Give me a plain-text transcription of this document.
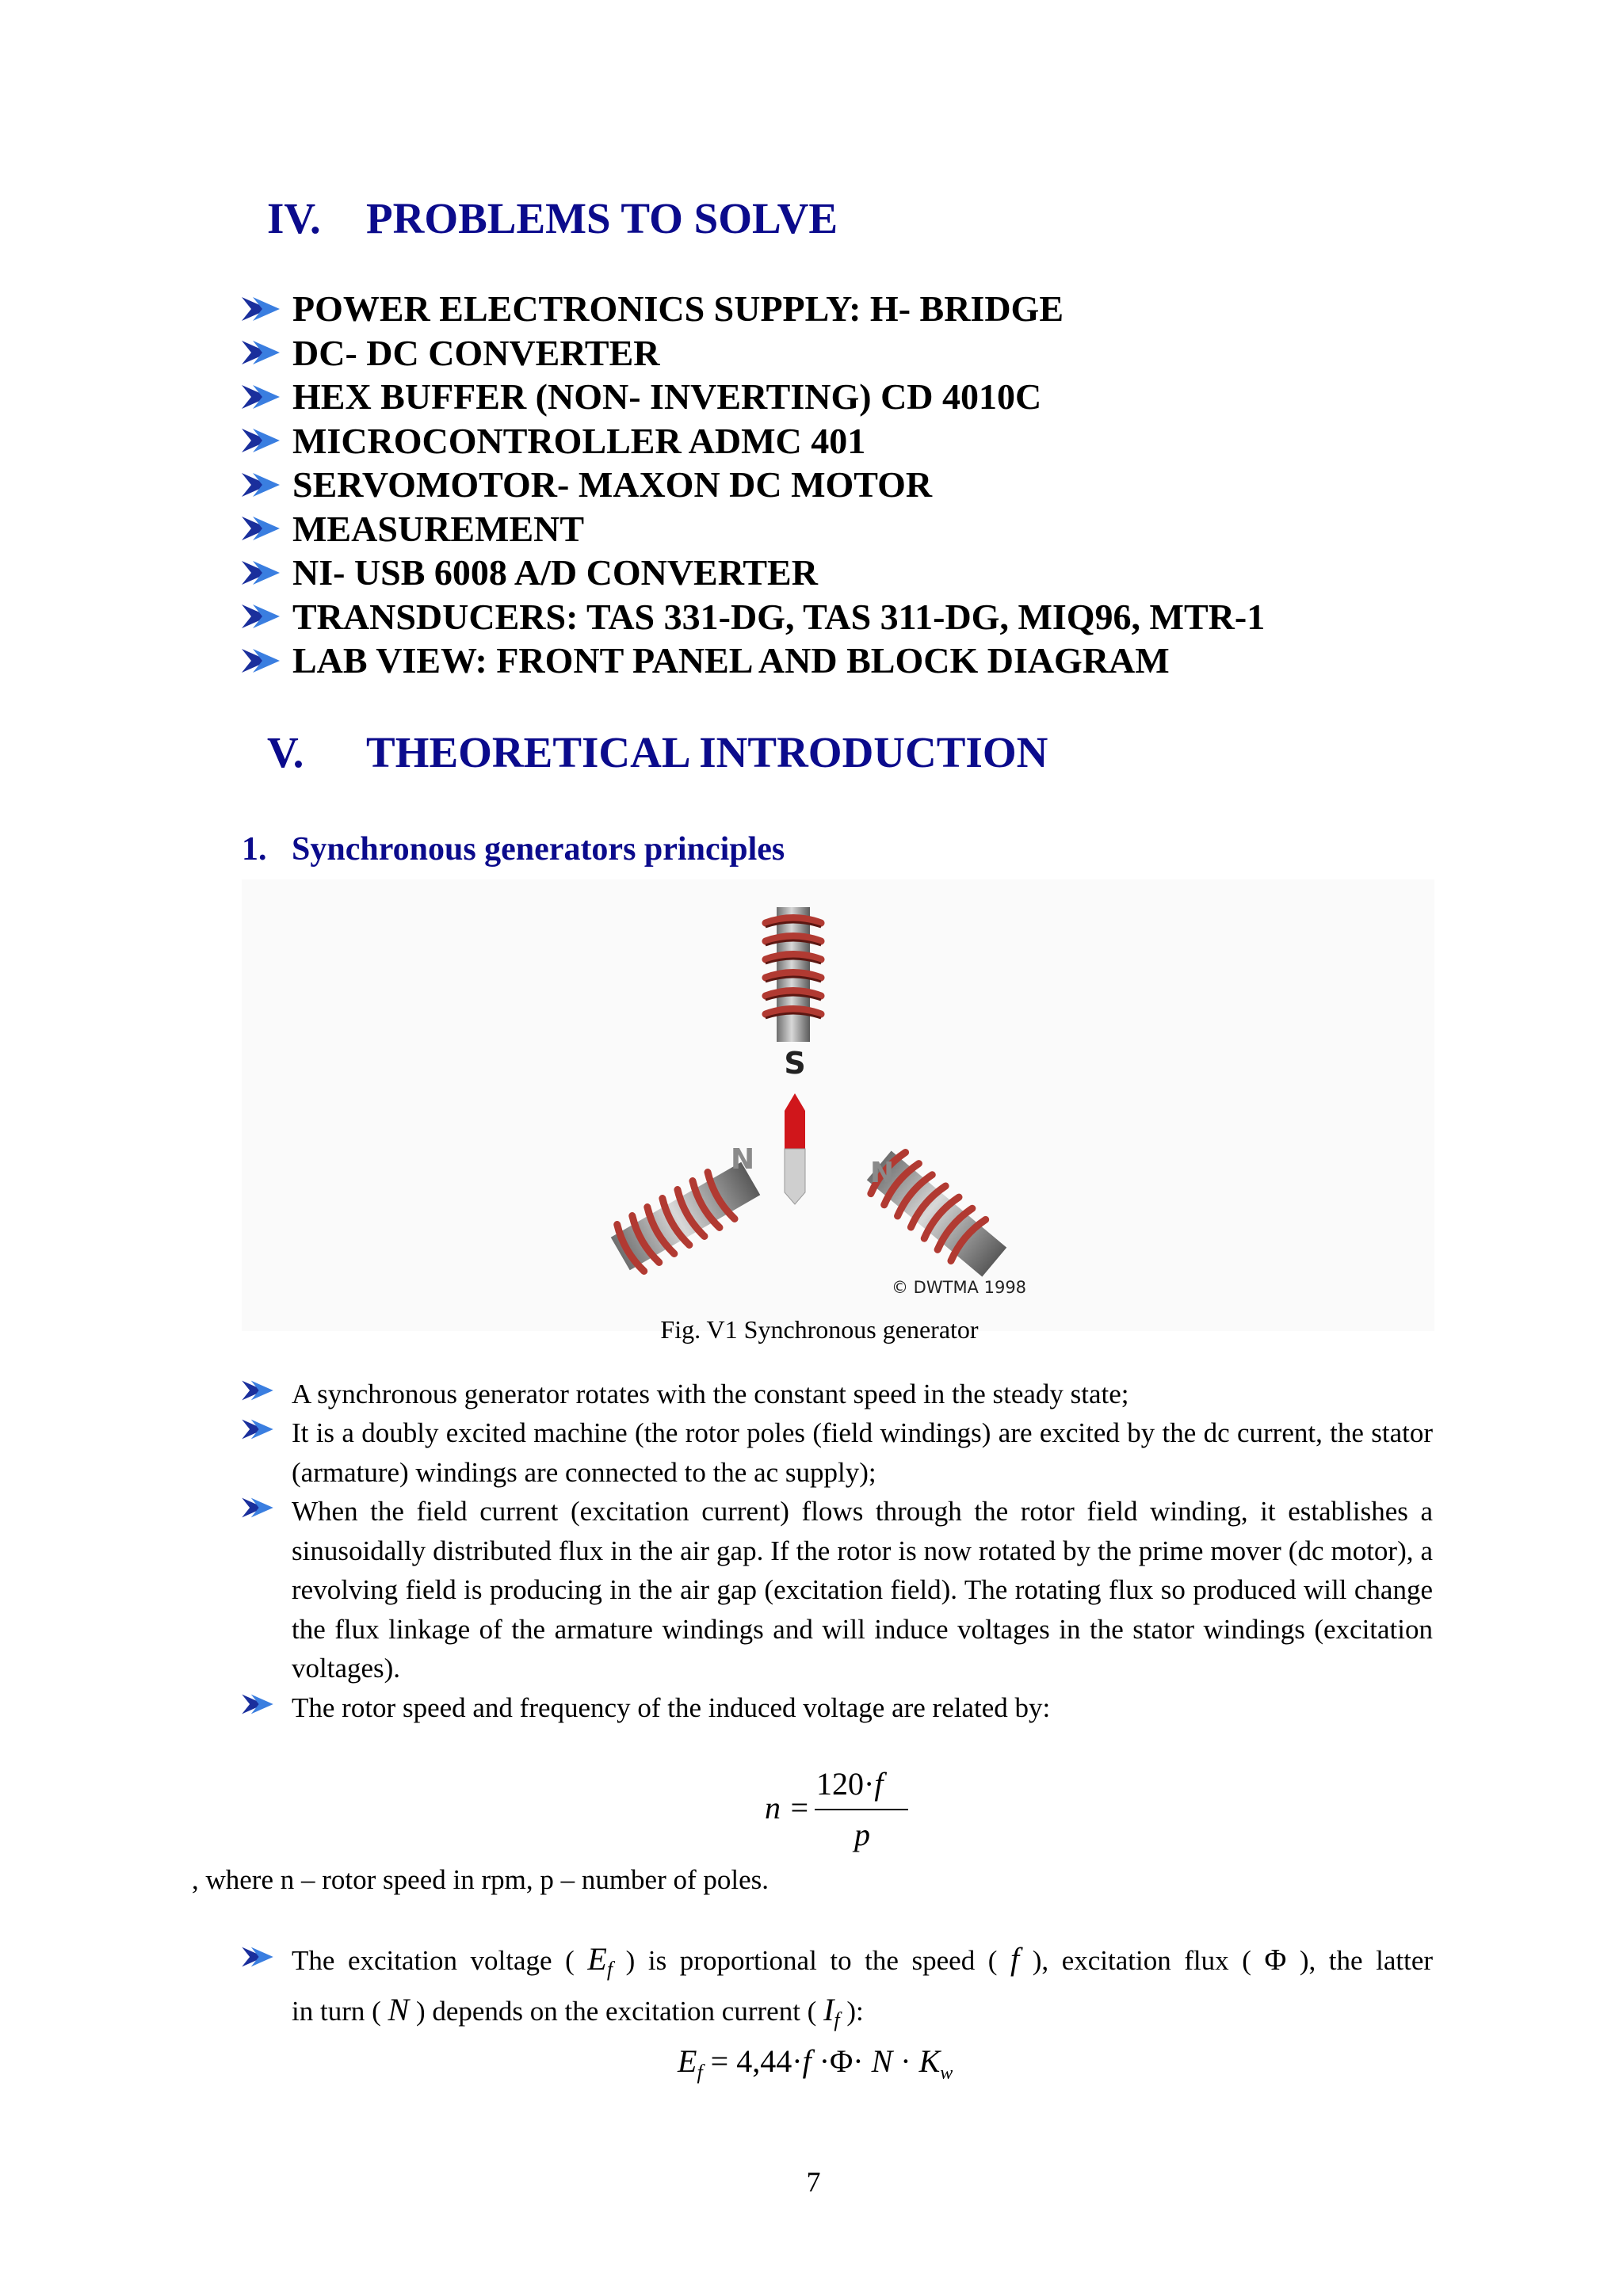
IV. PROBLEMS TO SOLVE
POWER ELECTRONICS SUPPLY: H- BRIDGE
DC- DC CONVERTER
HEX BUFFER (NON- INVERTING) CD 4010C
MICROCONTROLLER ADMC 401
SERVOMOTOR- MAXON DC MOTOR
MEASUREMENT
NI- USB 6008 A/D CONVERTER
TRANSDUCERS: TAS 331-DG, TAS 311-DG, MIQ96, MTR-1
LAB VIEW: FRONT PANEL AND BLOCK DIAGRAM
V. THEORETICAL INTRODUCTION
1. Synchronous generators principles
S
N	N
© DWTMA 1998
Fig. V1 Synchronous generator
A synchronous generator rotates with the constant speed in the steady state;
It is a doubly excited machine (the rotor poles (field windings) are excited by the dc current, the stator (armature) windings are connected to the ac supply);
When the field current (excitation current) flows through the rotor field winding, it establishes a sinusoidally distributed flux in the air gap. If the rotor is now rotated by the prime mover (dc motor), a revolving field is producing in the air gap (excitation field). The rotating flux so produced will change the flux linkage of the armature windings and will induce voltages in the stator windings (excitation voltages).
The rotor speed and frequency of the induced voltage are related by:
n =
120·f
p
, where n – rotor speed in rpm, p – number of poles.
The excitation voltage ( $E_f$ ) is proportional to the speed ( f ), excitation flux ( Φ ), the latter
in turn ( N ) depends on the excitation current ( $I_f$ ):
$E_f = 4,44\cdot f \cdot\Phi\cdot N \cdot K_w$
7
